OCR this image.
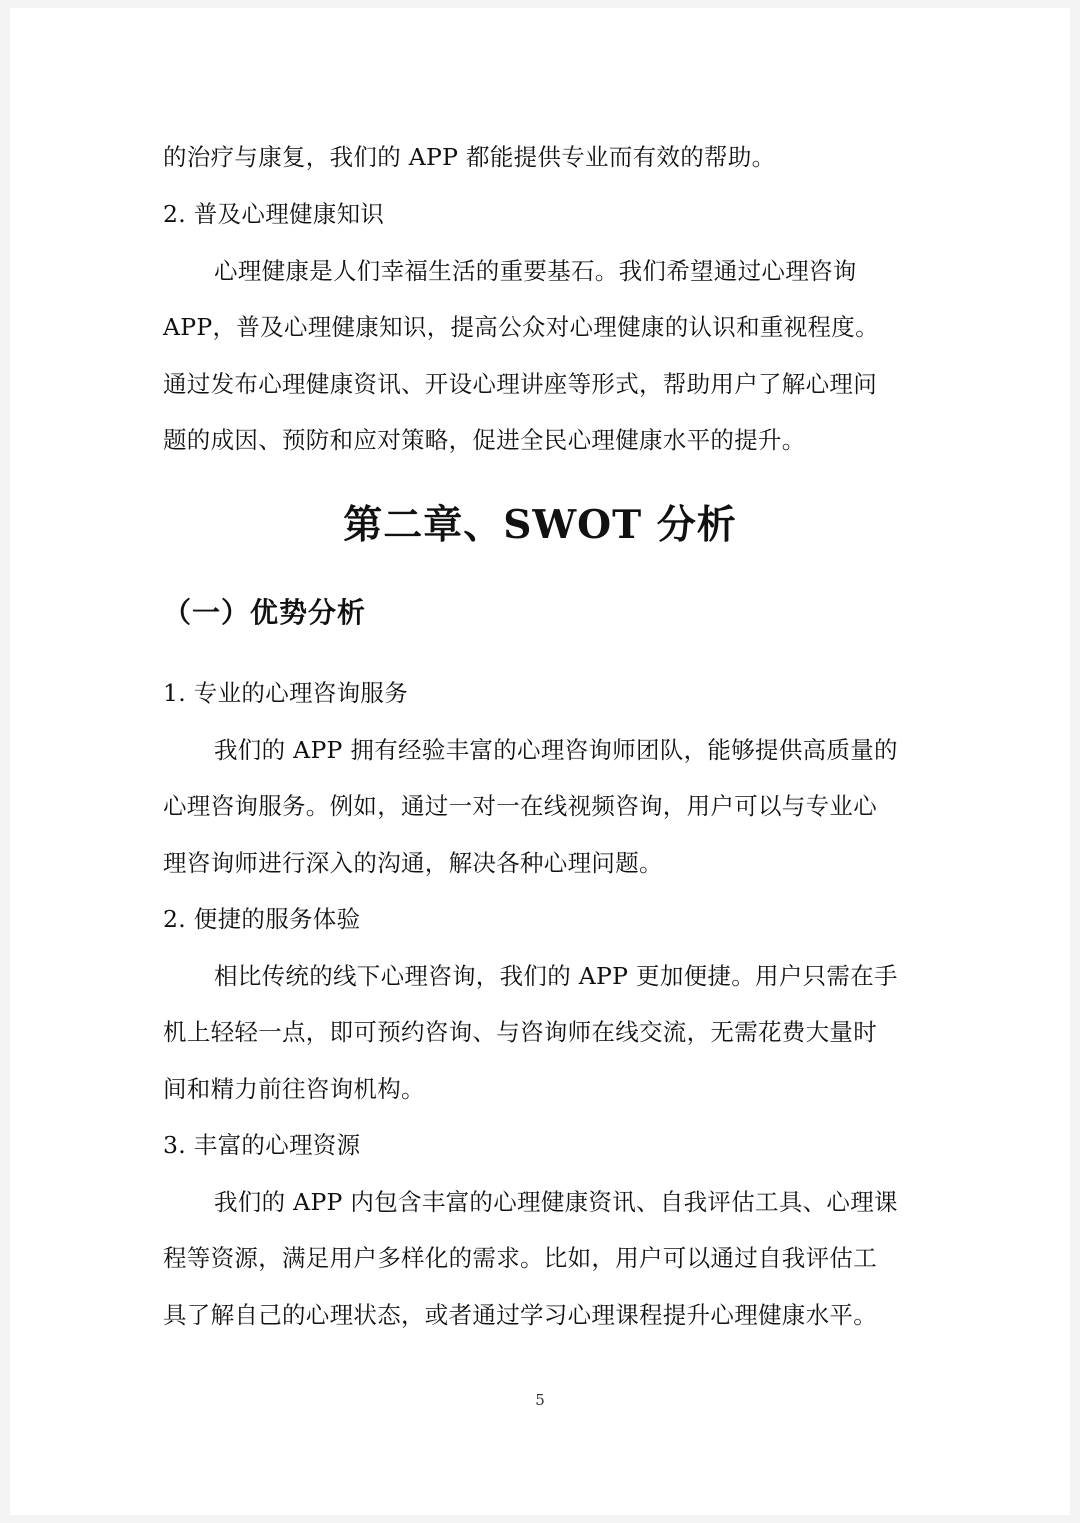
的治疗与康复，我们的 APP 都能提供专业而有效的帮助。
2. 普及心理健康知识
心理健康是人们幸福生活的重要基石。我们希望通过心理咨询
APP，普及心理健康知识，提高公众对心理健康的认识和重视程度。
通过发布心理健康资讯、开设心理讲座等形式，帮助用户了解心理问
题的成因、预防和应对策略，促进全民心理健康水平的提升。
第二章、SWOT 分析
（一）优势分析
1. 专业的心理咨询服务
我们的 APP 拥有经验丰富的心理咨询师团队，能够提供高质量的
心理咨询服务。例如，通过一对一在线视频咨询，用户可以与专业心
理咨询师进行深入的沟通，解决各种心理问题。
2. 便捷的服务体验
相比传统的线下心理咨询，我们的 APP 更加便捷。用户只需在手
机上轻轻一点，即可预约咨询、与咨询师在线交流，无需花费大量时
间和精力前往咨询机构。
3. 丰富的心理资源
我们的 APP 内包含丰富的心理健康资讯、自我评估工具、心理课
程等资源，满足用户多样化的需求。比如，用户可以通过自我评估工
具了解自己的心理状态，或者通过学习心理课程提升心理健康水平。
5
